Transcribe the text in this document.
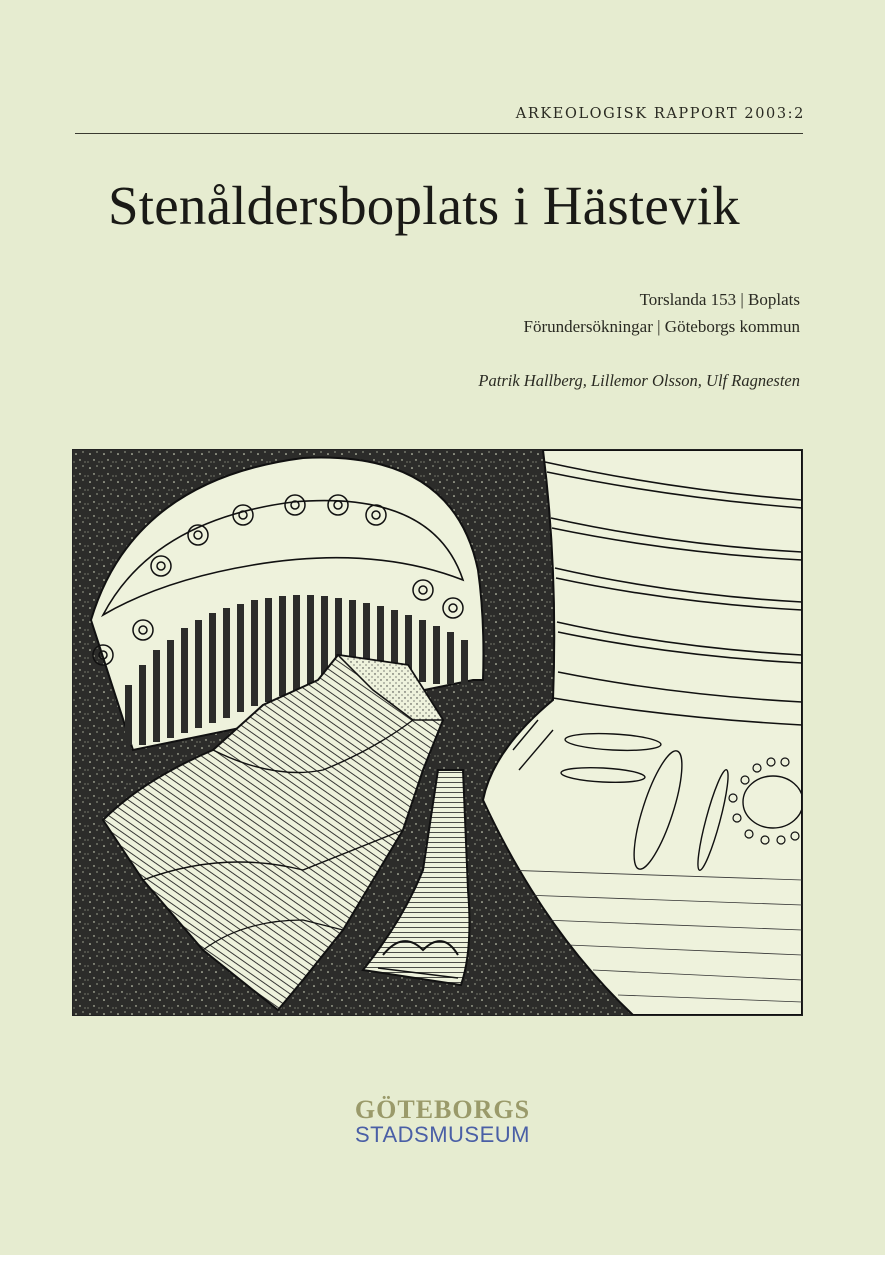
ARKEOLOGISK RAPPORT 2003:2
Stenåldersboplats i Hästevik
Torslanda 153 | Boplats
Förundersökningar | Göteborgs kommun
Patrik Hallberg, Lillemor Olsson, Ulf Ragnesten
GÖTEBORGS
STADSMUSEUM
